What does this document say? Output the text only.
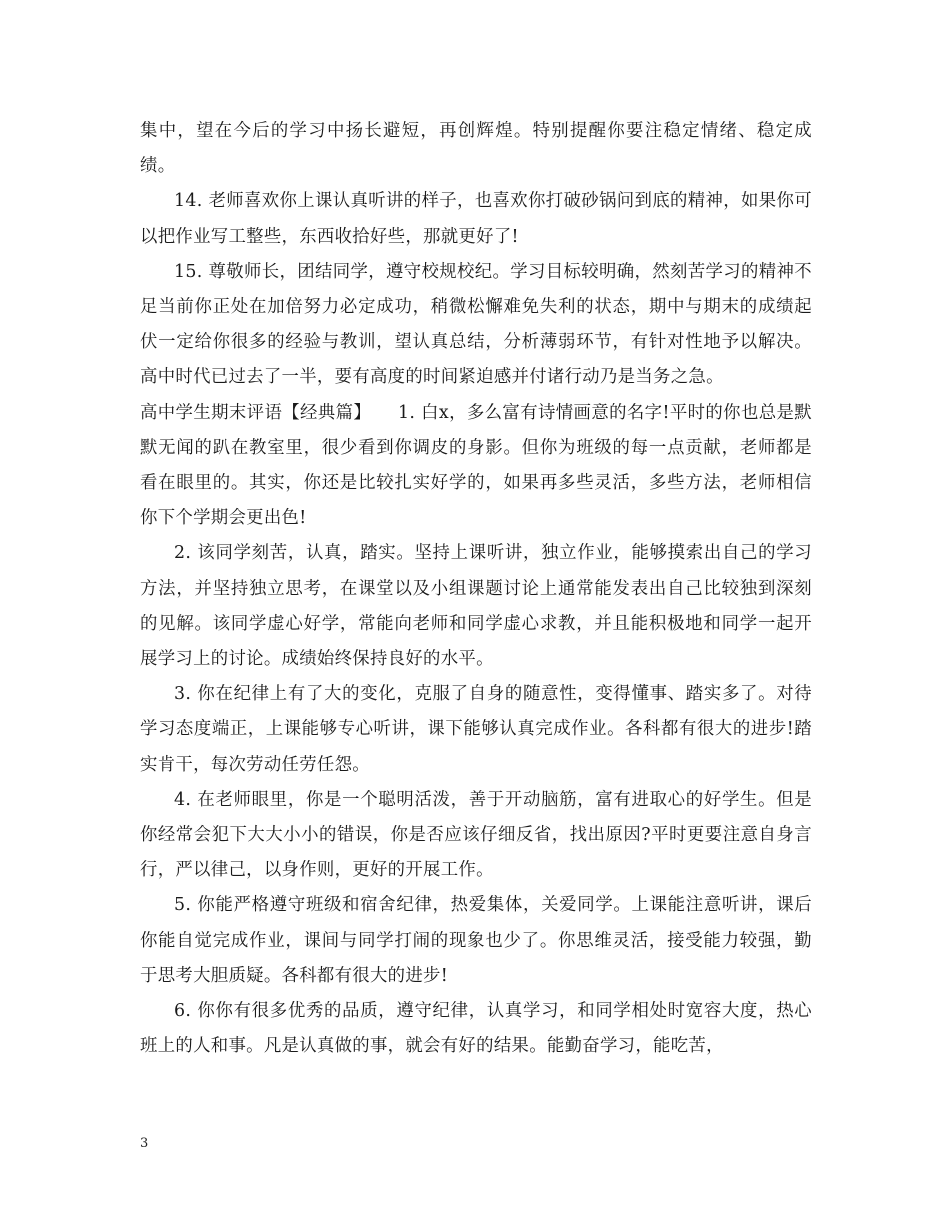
集中，望在今后的学习中扬长避短，再创辉煌。特别提醒你要注稳定情绪、稳定成绩。

14. 老师喜欢你上课认真听讲的样子，也喜欢你打破砂锅问到底的精神，如果你可以把作业写工整些，东西收拾好些，那就更好了!

15. 尊敬师长，团结同学，遵守校规校纪。学习目标较明确，然刻苦学习的精神不足当前你正处在加倍努力必定成功，稍微松懈难免失利的状态，期中与期末的成绩起伏一定给你很多的经验与教训，望认真总结，分析薄弱环节，有针对性地予以解决。高中时代已过去了一半，要有高度的时间紧迫感并付诸行动乃是当务之急。

高中学生期末评语【经典篇】　　1. 白x，多么富有诗情画意的名字!平时的你也总是默默无闻的趴在教室里，很少看到你调皮的身影。但你为班级的每一点贡献，老师都是看在眼里的。其实，你还是比较扎实好学的，如果再多些灵活，多些方法，老师相信你下个学期会更出色!

2. 该同学刻苦，认真，踏实。坚持上课听讲，独立作业，能够摸索出自己的学习方法，并坚持独立思考，在课堂以及小组课题讨论上通常能发表出自己比较独到深刻的见解。该同学虚心好学，常能向老师和同学虚心求教，并且能积极地和同学一起开展学习上的讨论。成绩始终保持良好的水平。

3. 你在纪律上有了大的变化，克服了自身的随意性，变得懂事、踏实多了。对待学习态度端正，上课能够专心听讲，课下能够认真完成作业。各科都有很大的进步!踏实肯干，每次劳动任劳任怨。

4. 在老师眼里，你是一个聪明活泼，善于开动脑筋，富有进取心的好学生。但是你经常会犯下大大小小的错误，你是否应该仔细反省，找出原因?平时更要注意自身言行，严以律己，以身作则，更好的开展工作。

5. 你能严格遵守班级和宿舍纪律，热爱集体，关爱同学。上课能注意听讲，课后你能自觉完成作业，课间与同学打闹的现象也少了。你思维灵活，接受能力较强，勤于思考大胆质疑。各科都有很大的进步!

6. 你你有很多优秀的品质，遵守纪律，认真学习，和同学相处时宽容大度，热心班上的人和事。凡是认真做的事，就会有好的结果。能勤奋学习，能吃苦，

3
